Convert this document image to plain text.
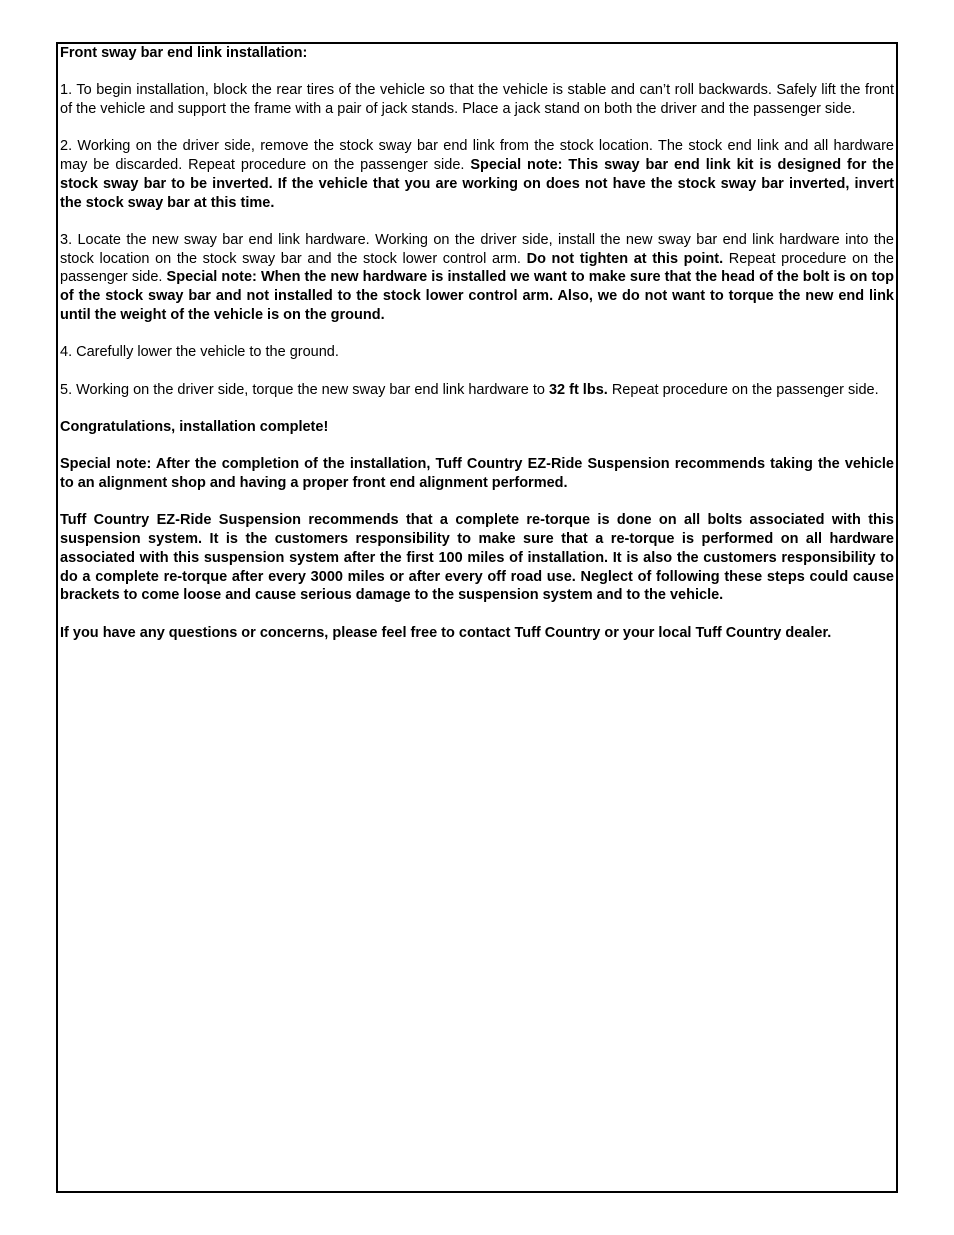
Front sway bar end link installation:

1. To begin installation, block the rear tires of the vehicle so that the vehicle is stable and can’t roll backwards. Safely lift the front of the vehicle and support the frame with a pair of jack stands. Place a jack stand on both the driver and the passenger side.

2. Working on the driver side, remove the stock sway bar end link from the stock location. The stock end link and all hardware may be discarded. Repeat procedure on the passenger side. Special note: This sway bar end link kit is designed for the stock sway bar to be inverted. If the vehicle that you are working on does not have the stock sway bar inverted, invert the stock sway bar at this time.

3. Locate the new sway bar end link hardware. Working on the driver side, install the new sway bar end link hardware into the stock location on the stock sway bar and the stock lower control arm. Do not tighten at this point. Repeat procedure on the passenger side. Special note: When the new hardware is installed we want to make sure that the head of the bolt is on top of the stock sway bar and not installed to the stock lower control arm. Also, we do not want to torque the new end link until the weight of the vehicle is on the ground.

4. Carefully lower the vehicle to the ground.

5. Working on the driver side, torque the new sway bar end link hardware to 32 ft lbs. Repeat procedure on the passenger side.

Congratulations, installation complete!

Special note: After the completion of the installation, Tuff Country EZ-Ride Suspension recommends taking the vehicle to an alignment shop and having a proper front end alignment performed.

Tuff Country EZ-Ride Suspension recommends that a complete re-torque is done on all bolts associated with this suspension system. It is the customers responsibility to make sure that a re-torque is performed on all hardware associated with this suspension system after the first 100 miles of installation. It is also the customers responsibility to do a complete re-torque after every 3000 miles or after every off road use. Neglect of following these steps could cause brackets to come loose and cause serious damage to the suspension system and to the vehicle.

If you have any questions or concerns, please feel free to contact Tuff Country or your local Tuff Country dealer.
